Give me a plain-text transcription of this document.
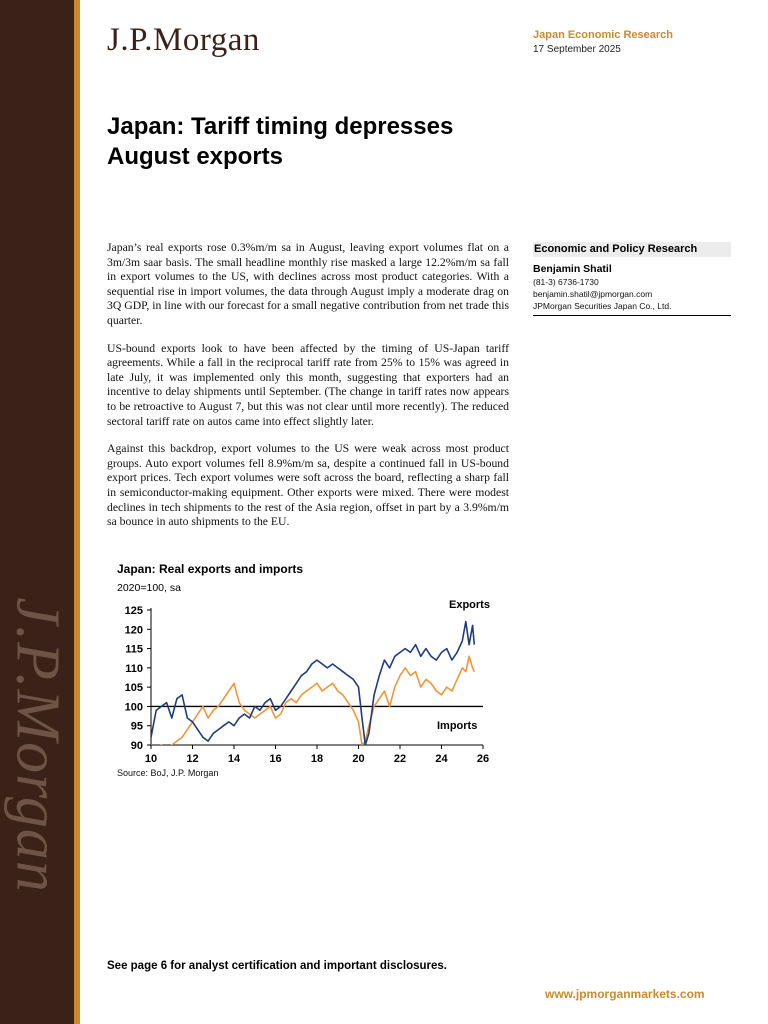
J.P.Morgan
J.P.Morgan	Japan Economic Research
17 September 2025
Japan: Tariff timing depresses
August exports

Japan’s real exports rose 0.3%m/m sa in August, leaving export volumes flat on a 3m/3m saar basis. The small headline monthly rise masked a large 12.2%m/m sa fall in export volumes to the US, with declines across most product categories. With a sequential rise in import volumes, the data through August imply a moderate drag on 3Q GDP, in line with our forecast for a small negative contribution from net trade this quarter.

US-bound exports look to have been affected by the timing of US-Japan tariff agreements. While a fall in the reciprocal tariff rate from 25% to 15% was agreed in late July, it was implemented only this month, suggesting that exporters had an incentive to delay shipments until September. (The change in tariff rates now appears to be retroactive to August 7, but this was not clear until more recently). The reduced sectoral tariff rate on autos came into effect slightly later.

Against this backdrop, export volumes to the US were weak across most product groups. Auto export volumes fell 8.9%m/m sa, despite a continued fall in US-bound export prices. Tech export volumes were soft across the board, reflecting a sharp fall in semiconductor-making equipment. Other exports were mixed. There were modest declines in tech shipments to the rest of the Asia region, offset in part by a 3.9%m/m sa bounce in auto shipments to the EU.

Economic and Policy Research
Benjamin Shatil
(81-3) 6736-1730
benjamin.shatil@jpmorgan.com
JPMorgan Securities Japan Co., Ltd.
Japan: Real exports and imports
2020=100, sa
125
120
115
110
105
100
95
90
10	12	14	16	18	20	22	24	26
Exports
Imports
Source: BoJ, J.P. Morgan
See page 6 for analyst certification and important disclosures.
www.jpmorganmarkets.com
